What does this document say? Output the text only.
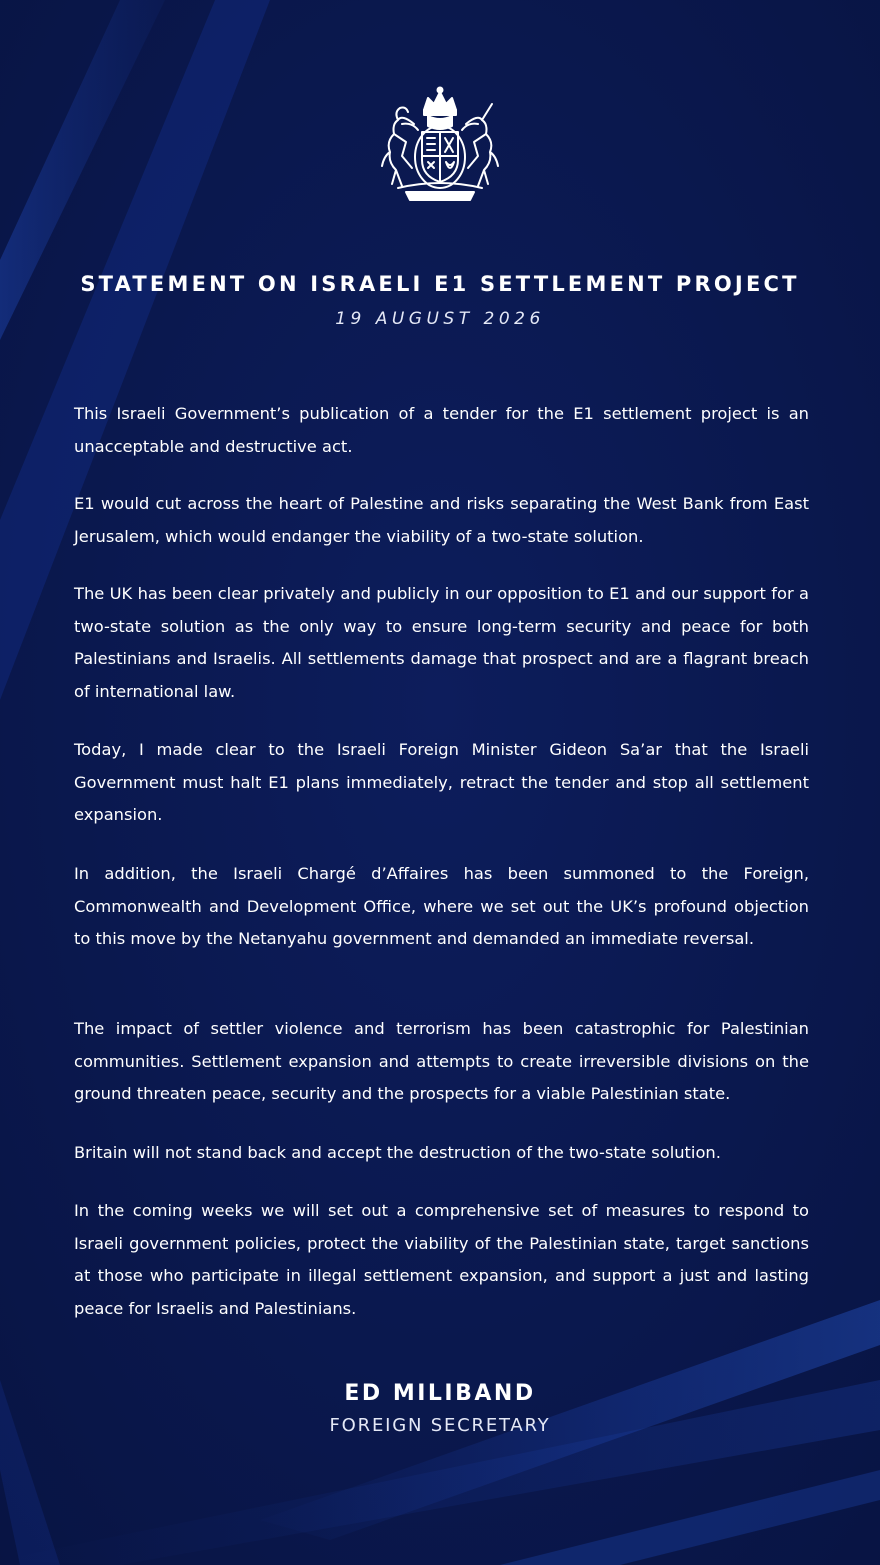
STATEMENT ON ISRAELI E1 SETTLEMENT PROJECT
19 AUGUST 2026

This Israeli Government’s publication of a tender for the E1 settlement project is an unacceptable and destructive act.

E1 would cut across the heart of Palestine and risks separating the West Bank from East Jerusalem, which would endanger the viability of a two-state solution.

The UK has been clear privately and publicly in our opposition to E1 and our support for a two-state solution as the only way to ensure long-term security and peace for both Palestinians and Israelis. All settlements damage that prospect and are a flagrant breach of international law.

Today, I made clear to the Israeli Foreign Minister Gideon Sa’ar that the Israeli Government must halt E1 plans immediately, retract the tender and stop all settlement expansion.

In addition, the Israeli Chargé d’Affaires has been summoned to the Foreign, Commonwealth and Development Office, where we set out the UK’s profound objection to this move by the Netanyahu government and demanded an immediate reversal.

The impact of settler violence and terrorism has been catastrophic for Palestinian communities. Settlement expansion and attempts to create irreversible divisions on the ground threaten peace, security and the prospects for a viable Palestinian state.

Britain will not stand back and accept the destruction of the two-state solution.

In the coming weeks we will set out a comprehensive set of measures to respond to Israeli government policies, protect the viability of the Palestinian state, target sanctions at those who participate in illegal settlement expansion, and support a just and lasting peace for Israelis and Palestinians.

ED MILIBAND
FOREIGN SECRETARY
